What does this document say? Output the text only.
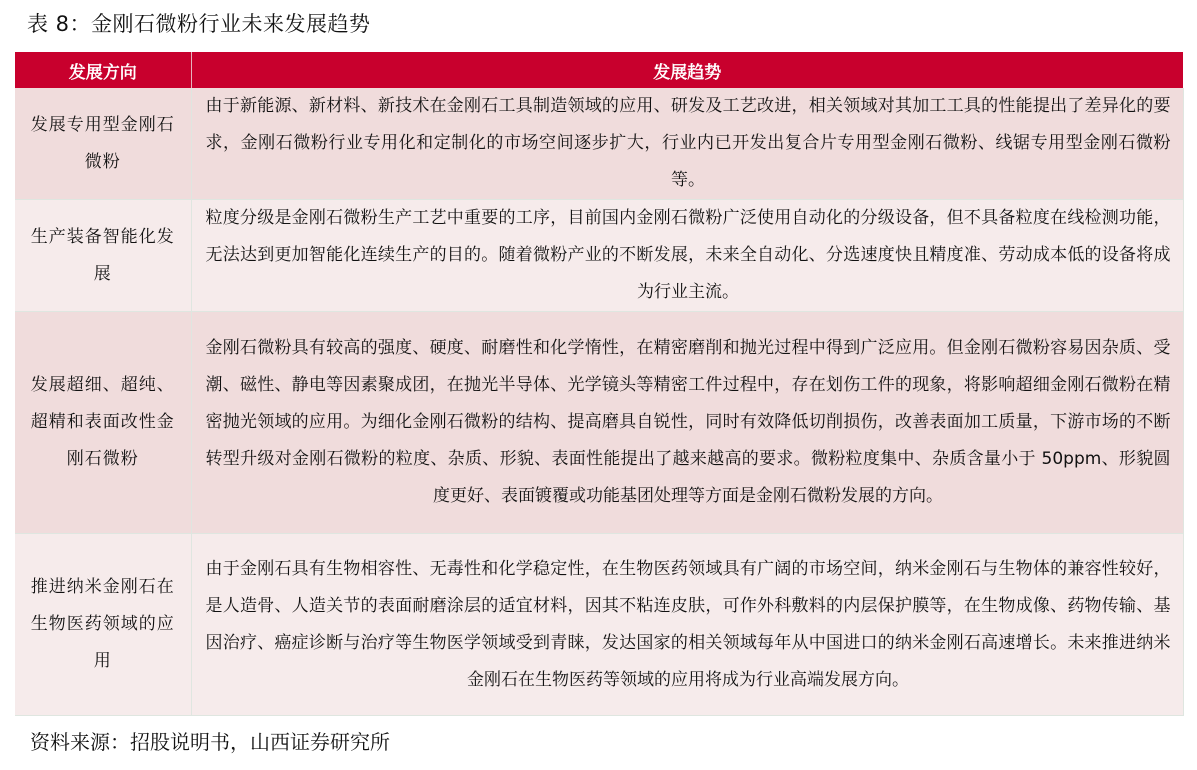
表 8：金刚石微粉行业未来发展趋势
发展方向	发展趋势
发展专用型金刚石微粉	由于新能源、新材料、新技术在金刚石工具制造领域的应用、研发及工艺改进，相关领域对其加工工具的性能提出了差异化的要求，金刚石微粉行业专用化和定制化的市场空间逐步扩大，行业内已开发出复合片专用型金刚石微粉、线锯专用型金刚石微粉等。
生产装备智能化发展	粒度分级是金刚石微粉生产工艺中重要的工序，目前国内金刚石微粉广泛使用自动化的分级设备，但不具备粒度在线检测功能，无法达到更加智能化连续生产的目的。随着微粉产业的不断发展，未来全自动化、分选速度快且精度准、劳动成本低的设备将成为行业主流。
发展超细、超纯、超精和表面改性金刚石微粉	金刚石微粉具有较高的强度、硬度、耐磨性和化学惰性，在精密磨削和抛光过程中得到广泛应用。但金刚石微粉容易因杂质、受潮、磁性、静电等因素聚成团，在抛光半导体、光学镜头等精密工件过程中，存在划伤工件的现象，将影响超细金刚石微粉在精密抛光领域的应用。为细化金刚石微粉的结构、提高磨具自锐性，同时有效降低切削损伤，改善表面加工质量，下游市场的不断转型升级对金刚石微粉的粒度、杂质、形貌、表面性能提出了越来越高的要求。微粉粒度集中、杂质含量小于 50ppm、形貌圆度更好、表面镀覆或功能基团处理等方面是金刚石微粉发展的方向。
推进纳米金刚石在生物医药领域的应用	由于金刚石具有生物相容性、无毒性和化学稳定性，在生物医药领域具有广阔的市场空间，纳米金刚石与生物体的兼容性较好，是人造骨、人造关节的表面耐磨涂层的适宜材料，因其不粘连皮肤，可作外科敷料的内层保护膜等，在生物成像、药物传输、基因治疗、癌症诊断与治疗等生物医学领域受到青睐，发达国家的相关领域每年从中国进口的纳米金刚石高速增长。未来推进纳米金刚石在生物医药等领域的应用将成为行业高端发展方向。
资料来源：招股说明书，山西证券研究所
